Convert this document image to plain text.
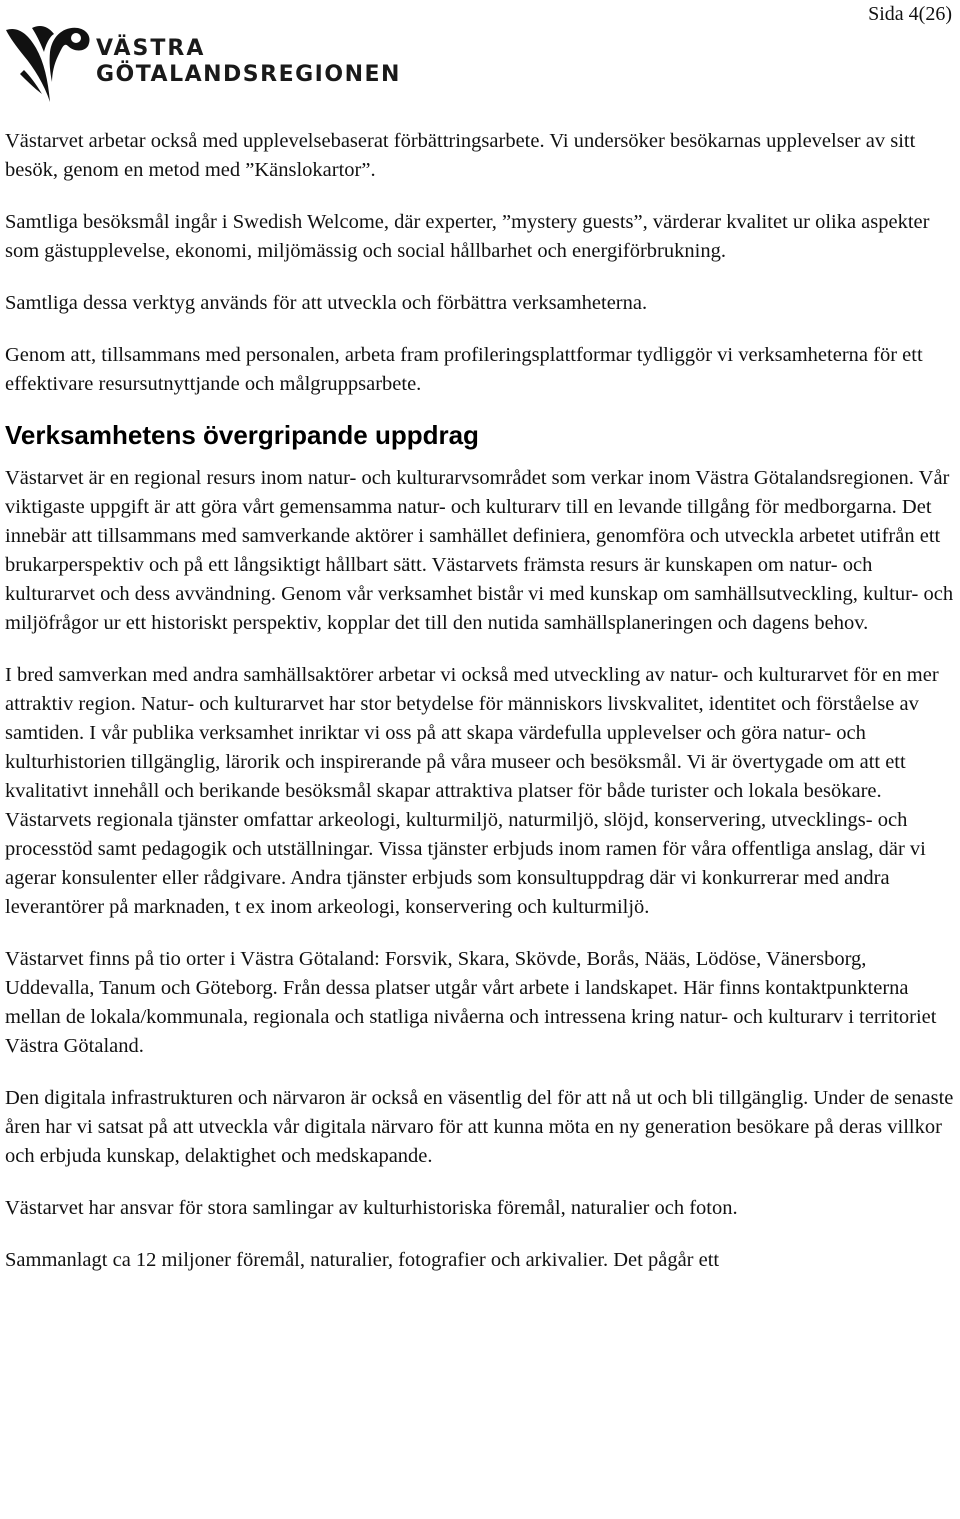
Sida 4(26)
VÄSTRA
GÖTALANDSREGIONEN

Västarvet arbetar också med upplevelsebaserat förbättringsarbete. Vi undersöker besökarnas upplevelser av sitt besök, genom en metod med ”Känslokartor”.

Samtliga besöksmål ingår i Swedish Welcome, där experter, ”mystery guests”, värderar kvalitet ur olika aspekter som gästupplevelse, ekonomi, miljömässig och social hållbarhet och energiförbrukning.

Samtliga dessa verktyg används för att utveckla och förbättra verksamheterna.

Genom att, tillsammans med personalen, arbeta fram profileringsplattformar tydliggör vi verksamheterna för ett effektivare resursutnyttjande och målgruppsarbete.

Verksamhetens övergripande uppdrag

Västarvet är en regional resurs inom natur- och kulturarvsområdet som verkar inom Västra Götalandsregionen. Vår viktigaste uppgift är att göra vårt gemensamma natur- och kulturarv till en levande tillgång för medborgarna. Det innebär att tillsammans med samverkande aktörer i samhället definiera, genomföra och utveckla arbetet utifrån ett brukarperspektiv och på ett långsiktigt hållbart sätt. Västarvets främsta resurs är kunskapen om natur- och kulturarvet och dess avvändning. Genom vår verksamhet bistår vi med kunskap om samhällsutveckling, kultur- och miljöfrågor ur ett historiskt perspektiv, kopplar det till den nutida samhällsplaneringen och dagens behov.

I bred samverkan med andra samhällsaktörer arbetar vi också med utveckling av natur- och kulturarvet för en mer attraktiv region. Natur- och kulturarvet har stor betydelse för människors livskvalitet, identitet och förståelse av samtiden. I vår publika verksamhet inriktar vi oss på att skapa värdefulla upplevelser och göra natur- och kulturhistorien tillgänglig, lärorik och inspirerande på våra museer och besöksmål. Vi är övertygade om att ett kvalitativt innehåll och berikande besöksmål skapar attraktiva platser för både turister och lokala besökare. Västarvets regionala tjänster omfattar arkeologi, kulturmiljö, naturmiljö, slöjd, konservering, utvecklings- och processtöd samt pedagogik och utställningar. Vissa tjänster erbjuds inom ramen för våra offentliga anslag, där vi agerar konsulenter eller rådgivare. Andra tjänster erbjuds som konsultuppdrag där vi konkurrerar med andra leverantörer på marknaden, t ex inom arkeologi, konservering och kulturmiljö.

Västarvet finns på tio orter i Västra Götaland: Forsvik, Skara, Skövde, Borås, Nääs, Lödöse, Vänersborg, Uddevalla, Tanum och Göteborg. Från dessa platser utgår vårt arbete i landskapet. Här finns kontaktpunkterna mellan de lokala/kommunala, regionala och statliga nivåerna och intressena kring natur- och kulturarv i territoriet Västra Götaland.

Den digitala infrastrukturen och närvaron är också en väsentlig del för att nå ut och bli tillgänglig. Under de senaste åren har vi satsat på att utveckla vår digitala närvaro för att kunna möta en ny generation besökare på deras villkor och erbjuda kunskap, delaktighet och medskapande.

Västarvet har ansvar för stora samlingar av kulturhistoriska föremål, naturalier och foton.

Sammanlagt ca 12 miljoner föremål, naturalier, fotografier och arkivalier. Det pågår ett
